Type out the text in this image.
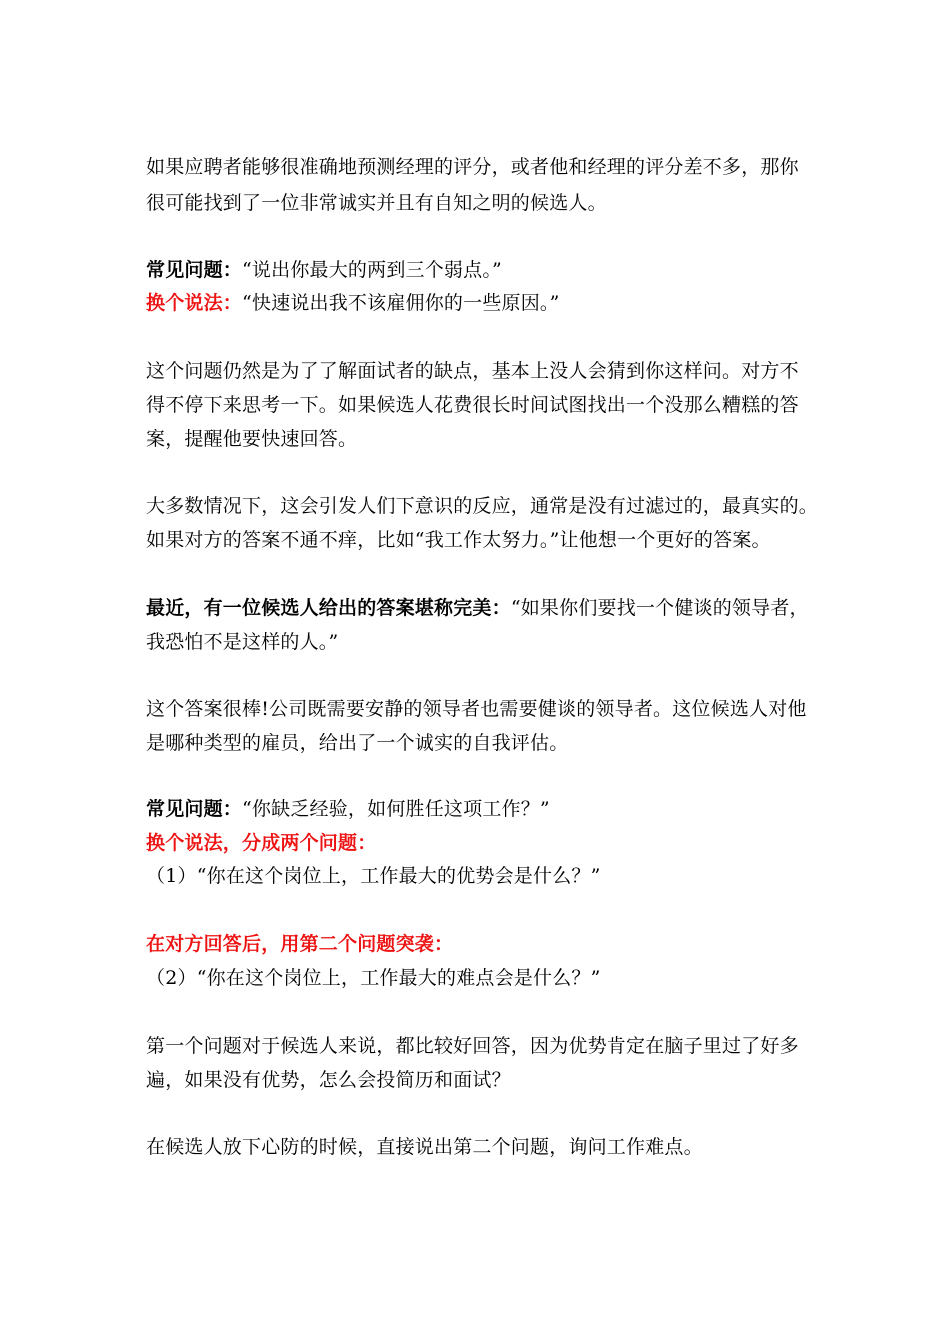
如果应聘者能够很准确地预测经理的评分，或者他和经理的评分差不多，那你
很可能找到了一位非常诚实并且有自知之明的候选人。
常见问题：“说出你最大的两到三个弱点。”
换个说法：“快速说出我不该雇佣你的一些原因。”
这个问题仍然是为了了解面试者的缺点，基本上没人会猜到你这样问。对方不
得不停下来思考一下。如果候选人花费很长时间试图找出一个没那么糟糕的答
案，提醒他要快速回答。
大多数情况下，这会引发人们下意识的反应，通常是没有过滤过的，最真实的。
如果对方的答案不通不痒，比如“我工作太努力。”让他想一个更好的答案。
最近，有一位候选人给出的答案堪称完美：“如果你们要找一个健谈的领导者，
我恐怕不是这样的人。”
这个答案很棒!公司既需要安静的领导者也需要健谈的领导者。这位候选人对他
是哪种类型的雇员，给出了一个诚实的自我评估。
常见问题：“你缺乏经验，如何胜任这项工作？”
换个说法，分成两个问题：
（1）“你在这个岗位上，工作最大的优势会是什么？”
在对方回答后，用第二个问题突袭：
（2）“你在这个岗位上，工作最大的难点会是什么？”
第一个问题对于候选人来说，都比较好回答，因为优势肯定在脑子里过了好多
遍，如果没有优势，怎么会投简历和面试？
在候选人放下心防的时候，直接说出第二个问题，询问工作难点。
